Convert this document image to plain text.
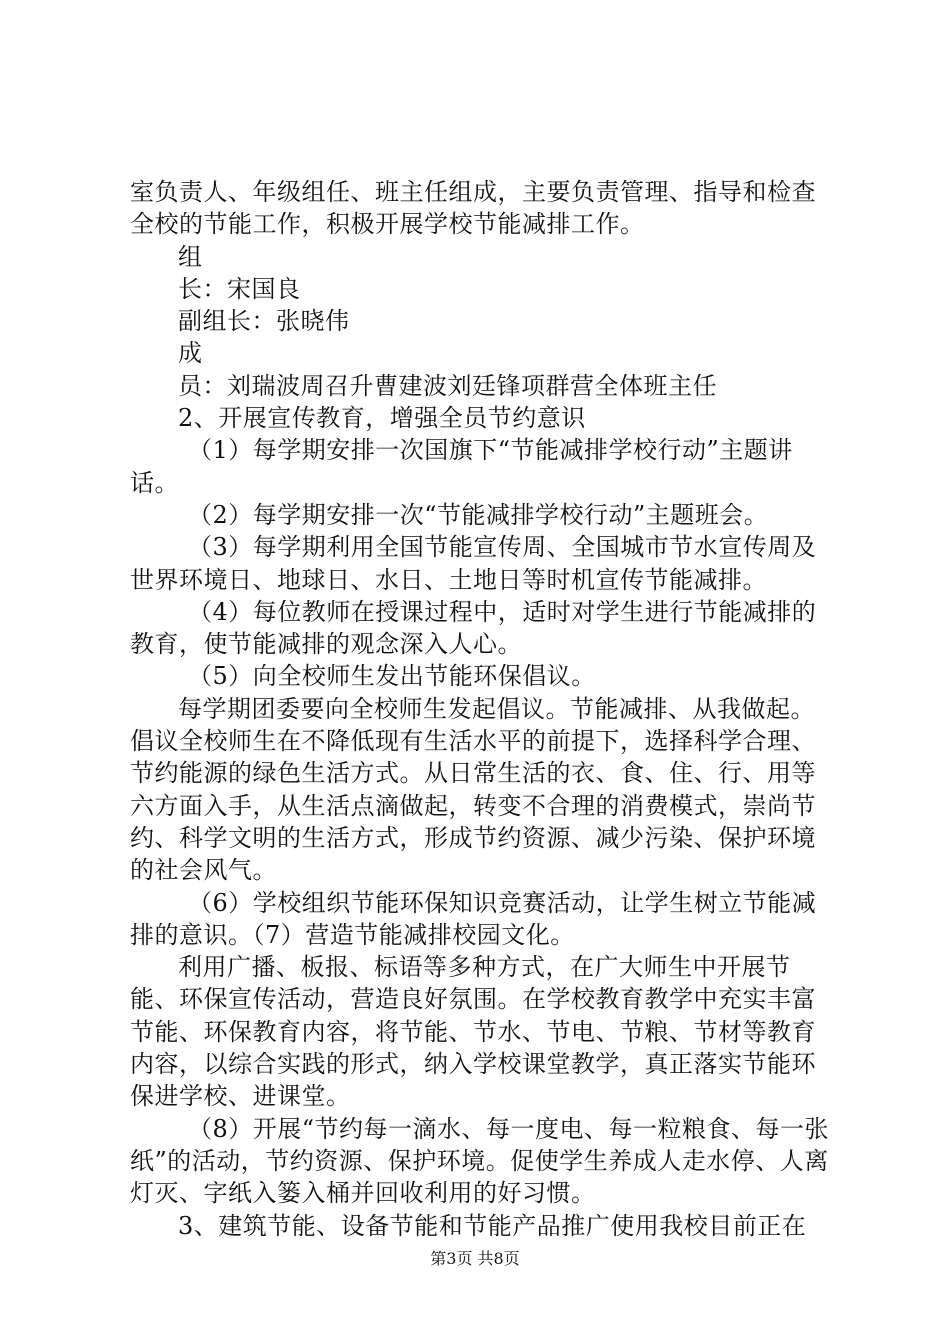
室负责人、年级组任、班主任组成，主要负责管理、指导和检查全校的节能工作，积极开展学校节能减排工作。

组

长：宋国良

副组长：张晓伟

成

员：刘瑞波周召升曹建波刘廷锋项群营全体班主任

2、开展宣传教育，增强全员节约意识

（1）每学期安排一次国旗下“节能减排学校行动”主题讲话。

（2）每学期安排一次“节能减排学校行动”主题班会。

（3）每学期利用全国节能宣传周、全国城市节水宣传周及世界环境日、地球日、水日、土地日等时机宣传节能减排。

（4）每位教师在授课过程中，适时对学生进行节能减排的教育，使节能减排的观念深入人心。

（5）向全校师生发出节能环保倡议。

每学期团委要向全校师生发起倡议。节能减排、从我做起。倡议全校师生在不降低现有生活水平的前提下，选择科学合理、节约能源的绿色生活方式。从日常生活的衣、食、住、行、用等六方面入手，从生活点滴做起，转变不合理的消费模式，崇尚节约、科学文明的生活方式，形成节约资源、减少污染、保护环境的社会风气。

（6）学校组织节能环保知识竞赛活动，让学生树立节能减排的意识。（7）营造节能减排校园文化。

利用广播、板报、标语等多种方式，在广大师生中开展节能、环保宣传活动，营造良好氛围。在学校教育教学中充实丰富节能、环保教育内容，将节能、节水、节电、节粮、节材等教育内容，以综合实践的形式，纳入学校课堂教学，真正落实节能环保进学校、进课堂。

（8）开展“节约每一滴水、每一度电、每一粒粮食、每一张纸”的活动，节约资源、保护环境。促使学生养成人走水停、人离灯灭、字纸入篓入桶并回收利用的好习惯。

3、建筑节能、设备节能和节能产品推广使用我校目前正在

第3页 共8页
